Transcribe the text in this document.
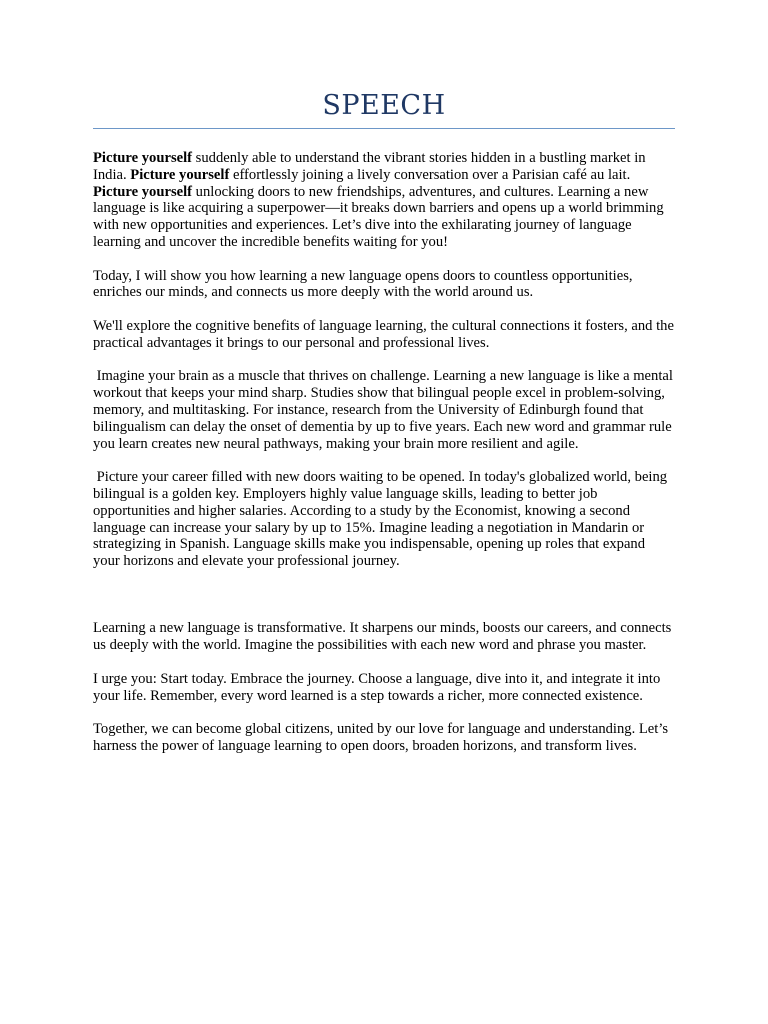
SPEECH

Picture yourself suddenly able to understand the vibrant stories hidden in a bustling market in India. Picture yourself effortlessly joining a lively conversation over a Parisian café au lait. Picture yourself unlocking doors to new friendships, adventures, and cultures. Learning a new language is like acquiring a superpower—it breaks down barriers and opens up a world brimming with new opportunities and experiences. Let’s dive into the exhilarating journey of language learning and uncover the incredible benefits waiting for you!

Today, I will show you how learning a new language opens doors to countless opportunities, enriches our minds, and connects us more deeply with the world around us.

We'll explore the cognitive benefits of language learning, the cultural connections it fosters, and the practical advantages it brings to our personal and professional lives.

Imagine your brain as a muscle that thrives on challenge. Learning a new language is like a mental workout that keeps your mind sharp. Studies show that bilingual people excel in problem-solving, memory, and multitasking. For instance, research from the University of Edinburgh found that bilingualism can delay the onset of dementia by up to five years. Each new word and grammar rule you learn creates new neural pathways, making your brain more resilient and agile.

Picture your career filled with new doors waiting to be opened. In today's globalized world, being bilingual is a golden key. Employers highly value language skills, leading to better job opportunities and higher salaries. According to a study by the Economist, knowing a second language can increase your salary by up to 15%. Imagine leading a negotiation in Mandarin or strategizing in Spanish. Language skills make you indispensable, opening up roles that expand your horizons and elevate your professional journey.

Learning a new language is transformative. It sharpens our minds, boosts our careers, and connects us deeply with the world. Imagine the possibilities with each new word and phrase you master.

I urge you: Start today. Embrace the journey. Choose a language, dive into it, and integrate it into your life. Remember, every word learned is a step towards a richer, more connected existence.

Together, we can become global citizens, united by our love for language and understanding. Let’s harness the power of language learning to open doors, broaden horizons, and transform lives.
